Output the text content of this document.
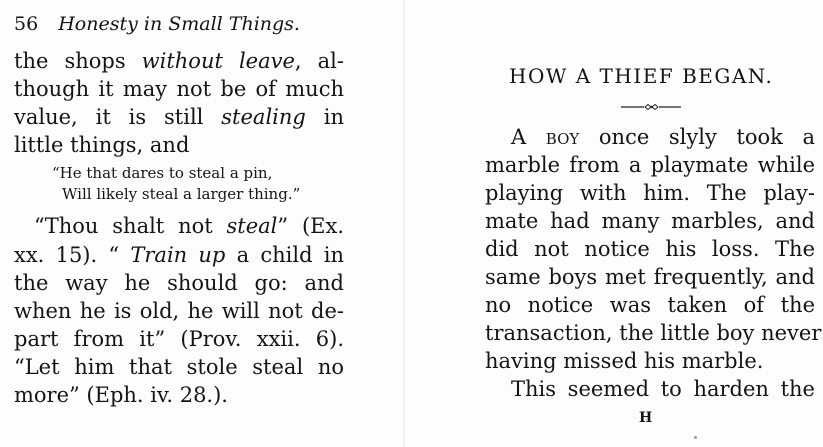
56 Honesty in Small Things.
the shops without leave, al-
though it may not be of much
value, it is still stealing in
little things, and
“He that dares to steal a pin,
Will likely steal a larger thing.”
“Thou shalt not steal” (Ex.
xx. 15). “ Train up a child in
the way he should go: and
when he is old, he will not de-
part from it” (Prov. xxii. 6).
“Let him that stole steal no
more” (Eph. iv. 28.).
HOW A THIEF BEGAN.
A boy once slyly took a
marble from a playmate while
playing with him. The play-
mate had many marbles, and
did not notice his loss. The
same boys met frequently, and
no notice was taken of the
transaction, the little boy never
having missed his marble.
This seemed to harden the
H
